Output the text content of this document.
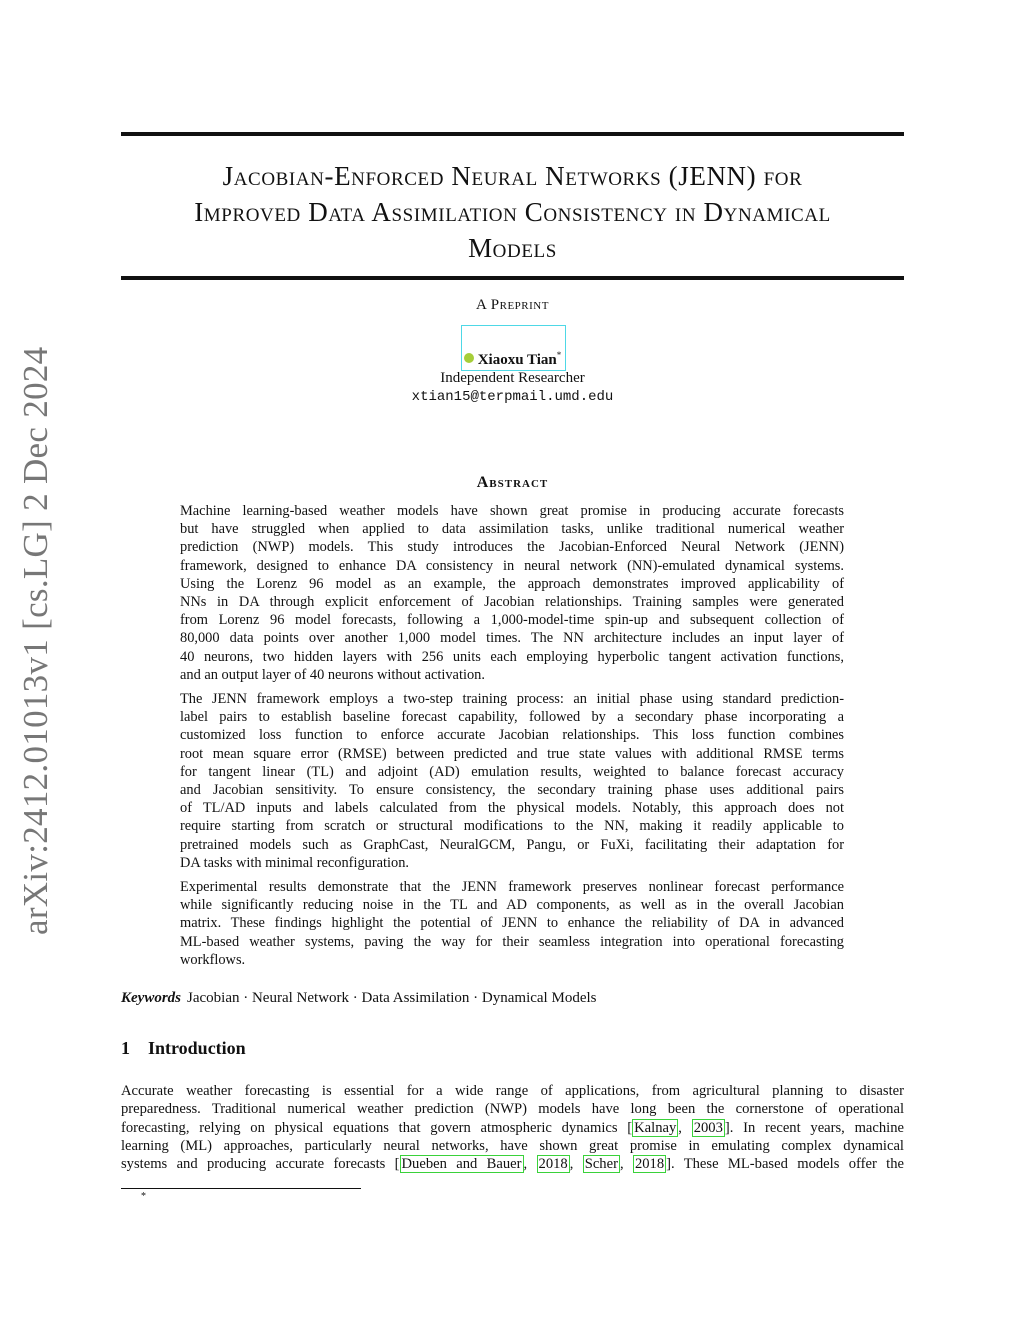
arXiv:2412.01013v1 [cs.LG] 2 Dec 2024
Jacobian-Enforced Neural Networks (JENN) for
Improved Data Assimilation Consistency in Dynamical
Models
A Preprint
Xiaoxu Tian*
Independent Researcher
xtian15@terpmail.umd.edu
Abstract

Machine learning-based weather models have shown great promise in producing accurate forecasts
but have struggled when applied to data assimilation tasks, unlike traditional numerical weather
prediction (NWP) models. This study introduces the Jacobian-Enforced Neural Network (JENN)
framework, designed to enhance DA consistency in neural network (NN)-emulated dynamical systems.
Using the Lorenz 96 model as an example, the approach demonstrates improved applicability of
NNs in DA through explicit enforcement of Jacobian relationships. Training samples were generated
from Lorenz 96 model forecasts, following a 1,000-model-time spin-up and subsequent collection of
80,000 data points over another 1,000 model times. The NN architecture includes an input layer of
40 neurons, two hidden layers with 256 units each employing hyperbolic tangent activation functions,
and an output layer of 40 neurons without activation.

The JENN framework employs a two-step training process: an initial phase using standard prediction-
label pairs to establish baseline forecast capability, followed by a secondary phase incorporating a
customized loss function to enforce accurate Jacobian relationships. This loss function combines
root mean square error (RMSE) between predicted and true state values with additional RMSE terms
for tangent linear (TL) and adjoint (AD) emulation results, weighted to balance forecast accuracy
and Jacobian sensitivity. To ensure consistency, the secondary training phase uses additional pairs
of TL/AD inputs and labels calculated from the physical models. Notably, this approach does not
require starting from scratch or structural modifications to the NN, making it readily applicable to
pretrained models such as GraphCast, NeuralGCM, Pangu, or FuXi, facilitating their adaptation for
DA tasks with minimal reconfiguration.

Experimental results demonstrate that the JENN framework preserves nonlinear forecast performance
while significantly reducing noise in the TL and AD components, as well as in the overall Jacobian
matrix. These findings highlight the potential of JENN to enhance the reliability of DA in advanced
ML-based weather systems, paving the way for their seamless integration into operational forecasting
workflows.

Keywords Jacobian · Neural Network · Data Assimilation · Dynamical Models
1 Introduction
Accurate weather forecasting is essential for a wide range of applications, from agricultural planning to disaster
preparedness. Traditional numerical weather prediction (NWP) models have long been the cornerstone of operational
forecasting, relying on physical equations that govern atmospheric dynamics [ Kalnay , 2003 ]. In recent years, machine
learning (ML) approaches, particularly neural networks, have shown great promise in emulating complex dynamical
systems and producing accurate forecasts [ Dueben and Bauer , 2018 , Scher , 2018 ]. These ML-based models offer the
*
